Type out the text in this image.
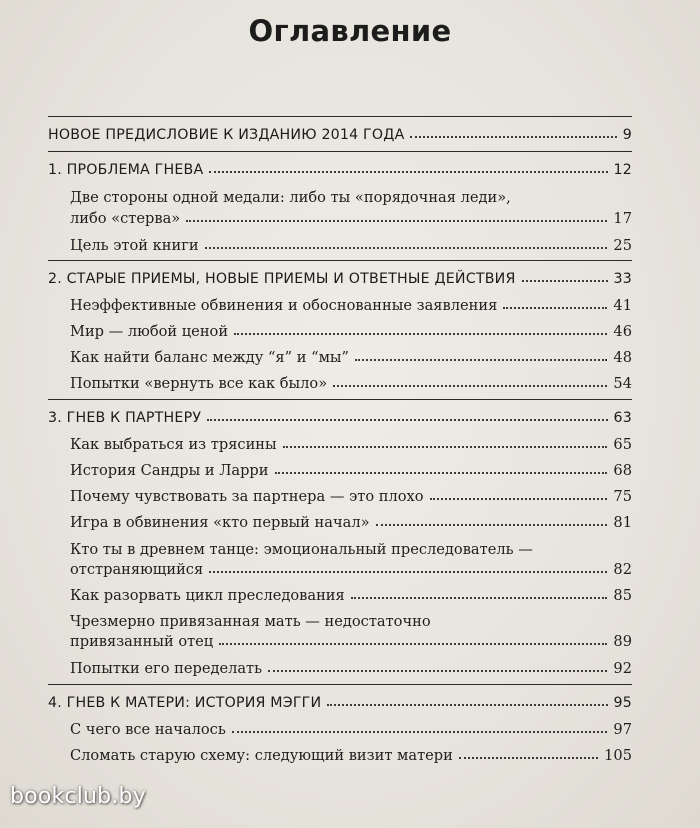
Оглавление
НОВОЕ ПРЕДИСЛОВИЕ К ИЗДАНИЮ 2014 ГОДА	9
1. ПРОБЛЕМА ГНЕВА	12
Две стороны одной медали: либо ты «порядочная леди»,
либо «стерва»	17
Цель этой книги	25
2. СТАРЫЕ ПРИЕМЫ, НОВЫЕ ПРИЕМЫ И ОТВЕТНЫЕ ДЕЙСТВИЯ	33
Неэффективные обвинения и обоснованные заявления	41
Мир — любой ценой	46
Как найти баланс между “я” и “мы”	48
Попытки «вернуть все как было»	54
3. ГНЕВ К ПАРТНЕРУ	63
Как выбраться из трясины	65
История Сандры и Ларри	68
Почему чувствовать за партнера — это плохо	75
Игра в обвинения «кто первый начал»	81
Кто ты в древнем танце: эмоциональный преследователь —
отстраняющийся	82
Как разорвать цикл преследования	85
Чрезмерно привязанная мать — недостаточно
привязанный отец	89
Попытки его переделать	92
4. ГНЕВ К МАТЕРИ: ИСТОРИЯ МЭГГИ	95
С чего все началось	97
Сломать старую схему: следующий визит матери	105
bookclub.by
